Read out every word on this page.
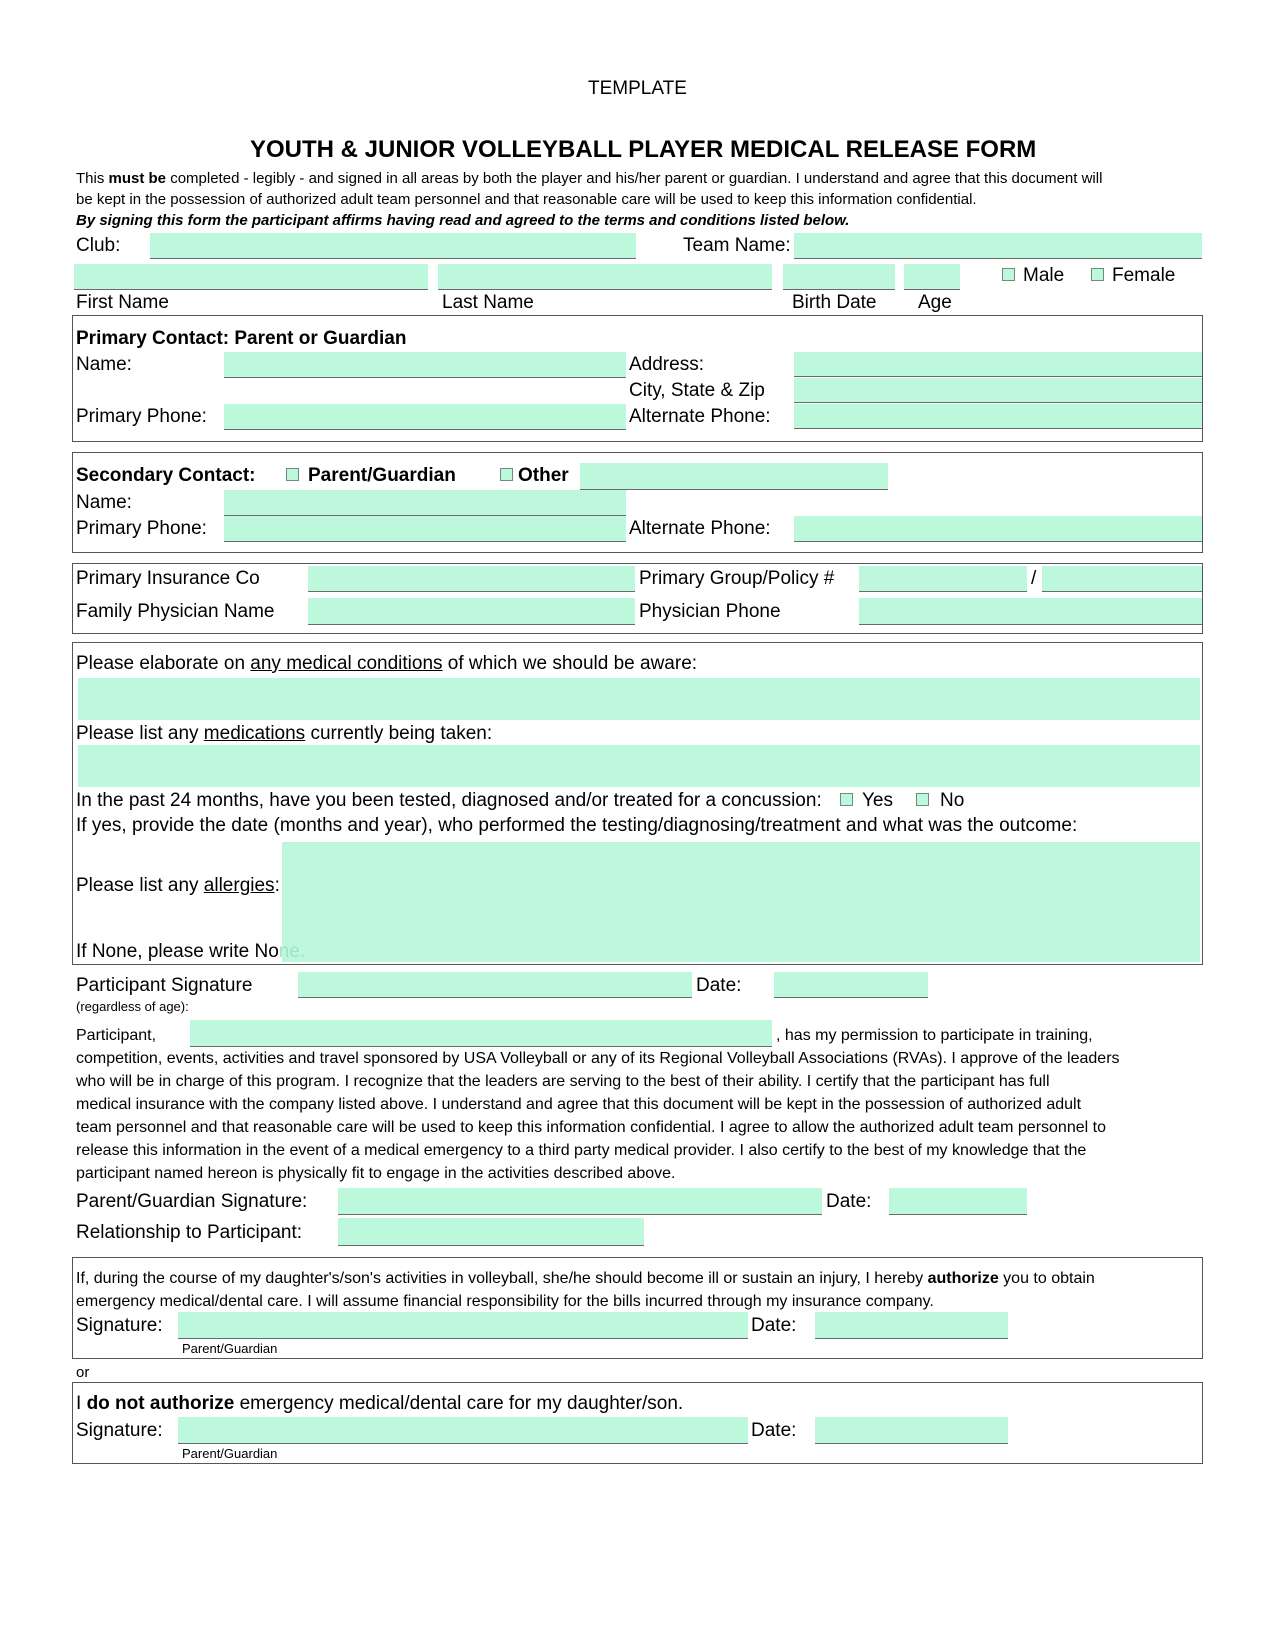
TEMPLATE
YOUTH & JUNIOR VOLLEYBALL PLAYER MEDICAL RELEASE FORM
This must be completed - legibly - and signed in all areas by both the player and his/her parent or guardian. I understand and agree that this document will
be kept in the possession of authorized adult team personnel and that reasonable care will be used to keep this information confidential.
By signing this form the participant affirms having read and agreed to the terms and conditions listed below.
Club:	Team Name:
Male	Female
First Name	Last Name	Birth Date Age
Primary Contact: Parent or Guardian
Name:	Address:
City, State & Zip
Primary Phone:	Alternate Phone:
Secondary Contact:	Parent/Guardian	Other
Name:
Primary Phone:	Alternate Phone:
Primary Insurance Co	Primary Group/Policy #	/
Family Physician Name	Physician Phone
Please elaborate on any medical conditions of which we should be aware:
Please list any medications currently being taken:
In the past 24 months, have you been tested, diagnosed and/or treated for a concussion: Yes No
If yes, provide the date (months and year), who performed the testing/diagnosing/treatment and what was the outcome:
Please list any allergies:
If None, please write None.
Participant Signature
(regardless of age):
Date:
Participant,	, has my permission to participate in training,
competition, events, activities and travel sponsored by USA Volleyball or any of its Regional Volleyball Associations (RVAs). I approve of the leaders
who will be in charge of this program. I recognize that the leaders are serving to the best of their ability. I certify that the participant has full
medical insurance with the company listed above. I understand and agree that this document will be kept in the possession of authorized adult
team personnel and that reasonable care will be used to keep this information confidential. I agree to allow the authorized adult team personnel to
release this information in the event of a medical emergency to a third party medical provider. I also certify to the best of my knowledge that the
participant named hereon is physically fit to engage in the activities described above.
Parent/Guardian Signature:	Date:
Relationship to Participant:
If, during the course of my daughter's/son's activities in volleyball, she/he should become ill or sustain an injury, I hereby authorize you to obtain
emergency medical/dental care. I will assume financial responsibility for the bills incurred through my insurance company.
Signature:	Date:
Parent/Guardian
or
I do not authorize emergency medical/dental care for my daughter/son.
Signature:	Date:
Parent/Guardian
